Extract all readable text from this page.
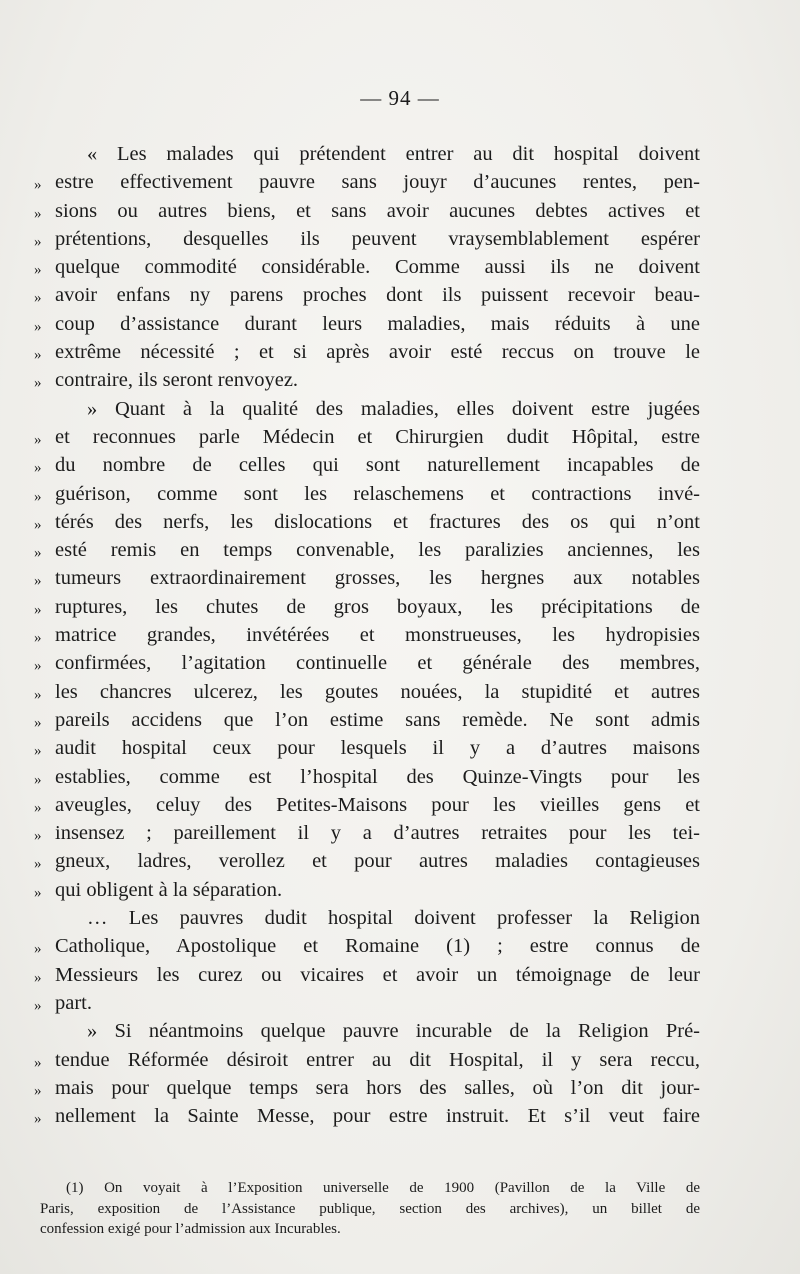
— 94 —
« Les malades qui prétendent entrer au dit hospital doivent
» estre effectivement pauvre sans jouyr d’aucunes rentes, pen-
» sions ou autres biens, et sans avoir aucunes debtes actives et
» prétentions, desquelles ils peuvent vraysemblablement espérer
» quelque commodité considérable. Comme aussi ils ne doivent
» avoir enfans ny parens proches dont ils puissent recevoir beau-
» coup d’assistance durant leurs maladies, mais réduits à une
» extrême nécessité ; et si après avoir esté reccus on trouve le
» contraire, ils seront renvoyez.
» Quant à la qualité des maladies, elles doivent estre jugées
» et reconnues parle Médecin et Chirurgien dudit Hôpital, estre
» du nombre de celles qui sont naturellement incapables de
» guérison, comme sont les relaschemens et contractions invé-
» térés des nerfs, les dislocations et fractures des os qui n’ont
» esté remis en temps convenable, les paralizies anciennes, les
» tumeurs extraordinairement grosses, les hergnes aux notables
» ruptures, les chutes de gros boyaux, les précipitations de
» matrice grandes, invétérées et monstrueuses, les hydropisies
» confirmées, l’agitation continuelle et générale des membres,
» les chancres ulcerez, les goutes nouées, la stupidité et autres
» pareils accidens que l’on estime sans remède. Ne sont admis
» audit hospital ceux pour lesquels il y a d’autres maisons
» establies, comme est l’hospital des Quinze-Vingts pour les
» aveugles, celuy des Petites-Maisons pour les vieilles gens et
» insensez ; pareillement il y a d’autres retraites pour les tei-
» gneux, ladres, verollez et pour autres maladies contagieuses
» qui obligent à la séparation.
… Les pauvres dudit hospital doivent professer la Religion
» Catholique, Apostolique et Romaine (1) ; estre connus de
» Messieurs les curez ou vicaires et avoir un témoignage de leur
» part.
» Si néantmoins quelque pauvre incurable de la Religion Pré-
» tendue Réformée désiroit entrer au dit Hospital, il y sera reccu,
» mais pour quelque temps sera hors des salles, où l’on dit jour-
» nellement la Sainte Messe, pour estre instruit. Et s’il veut faire
(1) On voyait à l’Exposition universelle de 1900 (Pavillon de la Ville de
Paris, exposition de l’Assistance publique, section des archives), un billet de
confession exigé pour l’admission aux Incurables.
